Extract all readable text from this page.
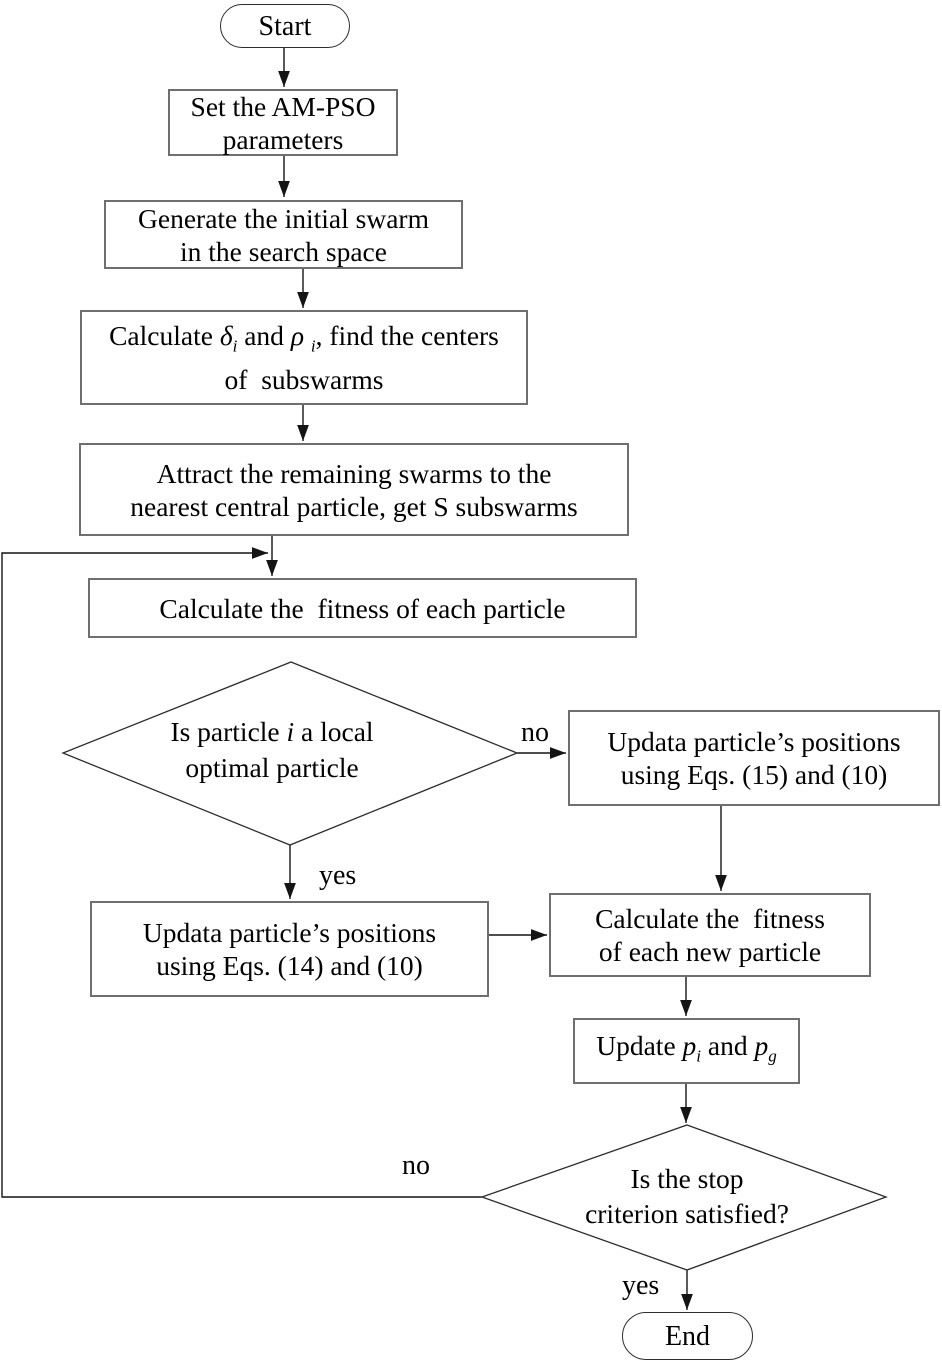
Start
Set the AM-PSO
parameters
Generate the initial swarm
in the search space
Calculate $\delta_i$ and ρ $_i$, find the centers
of  subswarms
Attract the remaining swarms to the
nearest central particle, get S subswarms
Calculate the  fitness of each particle
Is particle i a local
optimal particle
Updata particle’s positions
using Eqs. (15) and (10)
Updata particle’s positions
using Eqs. (14) and (10)
Calculate the  fitness
of each new particle
Update $p_i$ and $p_g$
Is the stop
criterion satisfied?
End
no
yes
no
yes
